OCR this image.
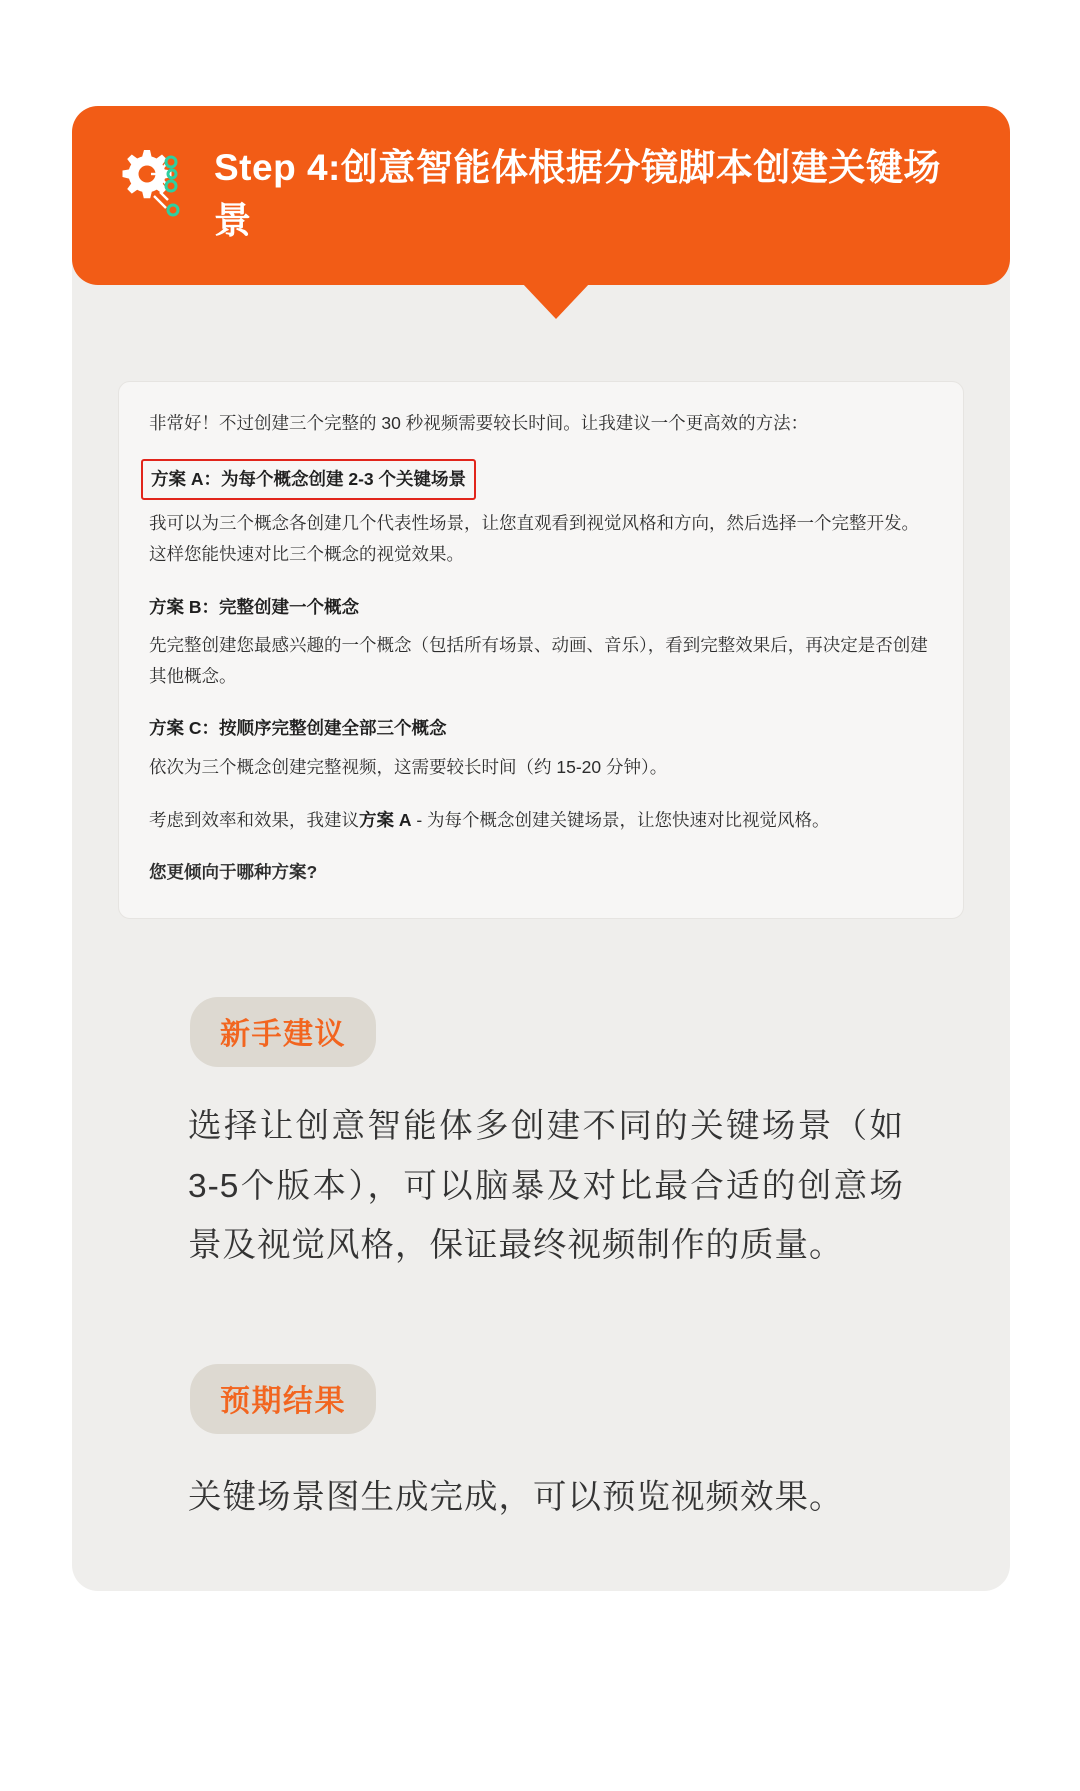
Step 4:创意智能体根据分镜脚本创建关键场景

非常好！不过创建三个完整的 30 秒视频需要较长时间。让我建议一个更高效的方法：

方案 A：为每个概念创建 2-3 个关键场景

我可以为三个概念各创建几个代表性场景，让您直观看到视觉风格和方向，然后选择一个完整开发。这样您能快速对比三个概念的视觉效果。

方案 B：完整创建一个概念

先完整创建您最感兴趣的一个概念（包括所有场景、动画、音乐），看到完整效果后，再决定是否创建其他概念。

方案 C：按顺序完整创建全部三个概念

依次为三个概念创建完整视频，这需要较长时间（约 15-20 分钟）。

考虑到效率和效果，我建议方案 A - 为每个概念创建关键场景，让您快速对比视觉风格。

您更倾向于哪种方案?

新手建议
选择让创意智能体多创建不同的关键场景（如3-5个版本），可以脑暴及对比最合适的创意场景及视觉风格，保证最终视频制作的质量。
预期结果
关键场景图生成完成，可以预览视频效果。
